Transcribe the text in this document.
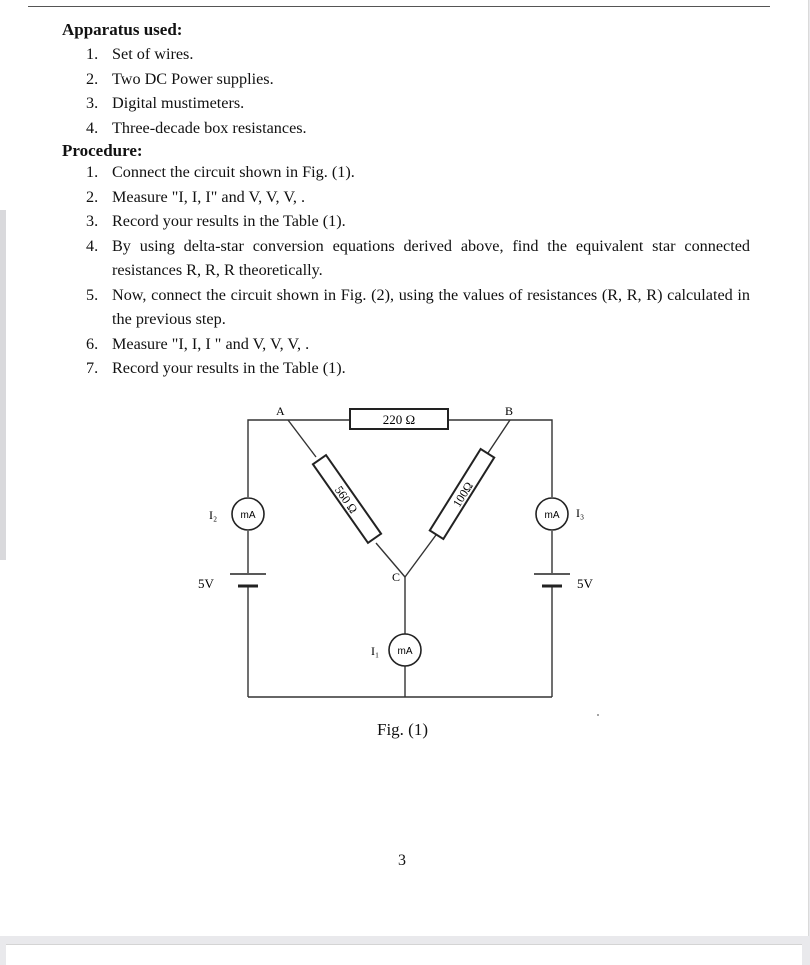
Apparatus used:
1. Set of wires.
2. Two DC Power supplies.
3. Digital mustimeters.
4. Three-decade box resistances.
Procedure:
1. Connect the circuit shown in Fig. (1).
2. Measure "I, I, I" and V, V, V, .
3. Record your results in the Table (1).
4. By using delta-star conversion equations derived above, find the equivalent star connected resistances R, R, R theoretically.
5. Now, connect the circuit shown in Fig. (2), using the values of resistances (R, R, R) calculated in the previous step.
6. Measure "I, I, I " and V, V, V, .
7. Record your results in the Table (1).
220 Ω
560 Ω	100Ω
A	B
C
mA	mA
mA
I₂	I₃
I₁
5V	5V
Fig. (1)
3
